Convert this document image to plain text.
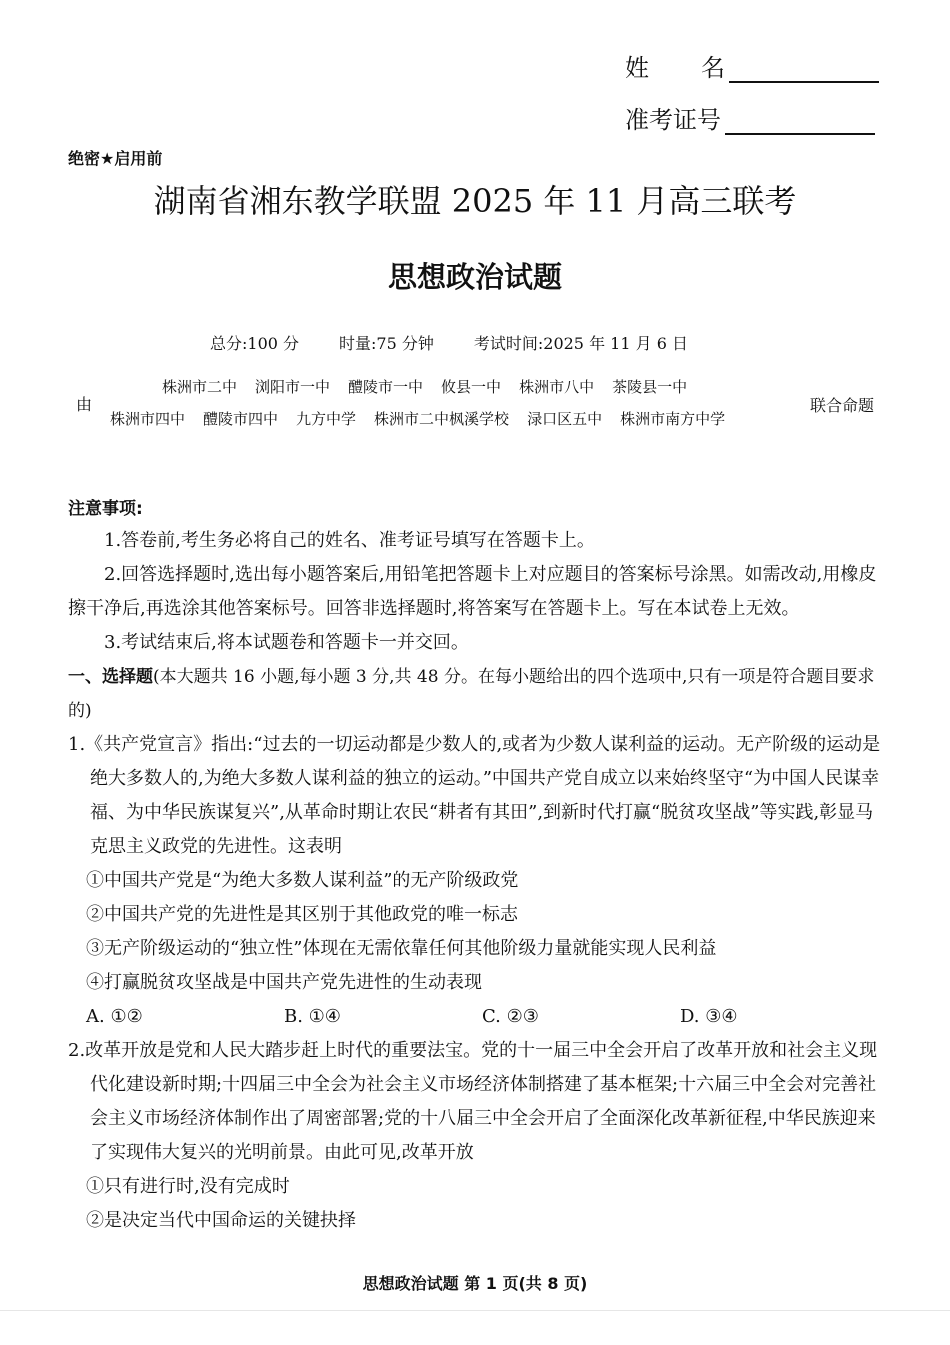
姓名
准考证号
绝密★启用前
湖南省湘东教学联盟 2025 年 11 月高三联考
思想政治试题
总分:100 分	时量:75 分钟	考试时间:2025 年 11 月 6 日
由
株洲市二中 浏阳市一中 醴陵市一中 攸县一中 株洲市八中 茶陵县一中
株洲市四中 醴陵市四中 九方中学 株洲市二中枫溪学校 渌口区五中 株洲市南方中学
联合命题
注意事项:

1.答卷前,考生务必将自己的姓名、准考证号填写在答题卡上。

2.回答选择题时,选出每小题答案后,用铅笔把答题卡上对应题目的答案标号涂黑。如需改动,用橡皮擦干净后,再选涂其他答案标号。回答非选择题时,将答案写在答题卡上。写在本试卷上无效。

3.考试结束后,将本试题卷和答题卡一并交回。

一、选择题(本大题共 16 小题,每小题 3 分,共 48 分。在每小题给出的四个选项中,只有一项是符合题目要求的)

1.《共产党宣言》指出:“过去的一切运动都是少数人的,或者为少数人谋利益的运动。无产阶级的运动是绝大多数人的,为绝大多数人谋利益的独立的运动。”中国共产党自成立以来始终坚守“为中国人民谋幸福、为中华民族谋复兴”,从革命时期让农民“耕者有其田”,到新时代打赢“脱贫攻坚战”等实践,彰显马克思主义政党的先进性。这表明

①中国共产党是“为绝大多数人谋利益”的无产阶级政党

②中国共产党的先进性是其区别于其他政党的唯一标志

③无产阶级运动的“独立性”体现在无需依靠任何其他阶级力量就能实现人民利益

④打赢脱贫攻坚战是中国共产党先进性的生动表现

A. ①②	B. ①④	C. ②③	D. ③④

2.改革开放是党和人民大踏步赶上时代的重要法宝。党的十一届三中全会开启了改革开放和社会主义现代化建设新时期;十四届三中全会为社会主义市场经济体制搭建了基本框架;十六届三中全会对完善社会主义市场经济体制作出了周密部署;党的十八届三中全会开启了全面深化改革新征程,中华民族迎来了实现伟大复兴的光明前景。由此可见,改革开放

①只有进行时,没有完成时

②是决定当代中国命运的关键抉择

思想政治试题 第 1 页(共 8 页)
